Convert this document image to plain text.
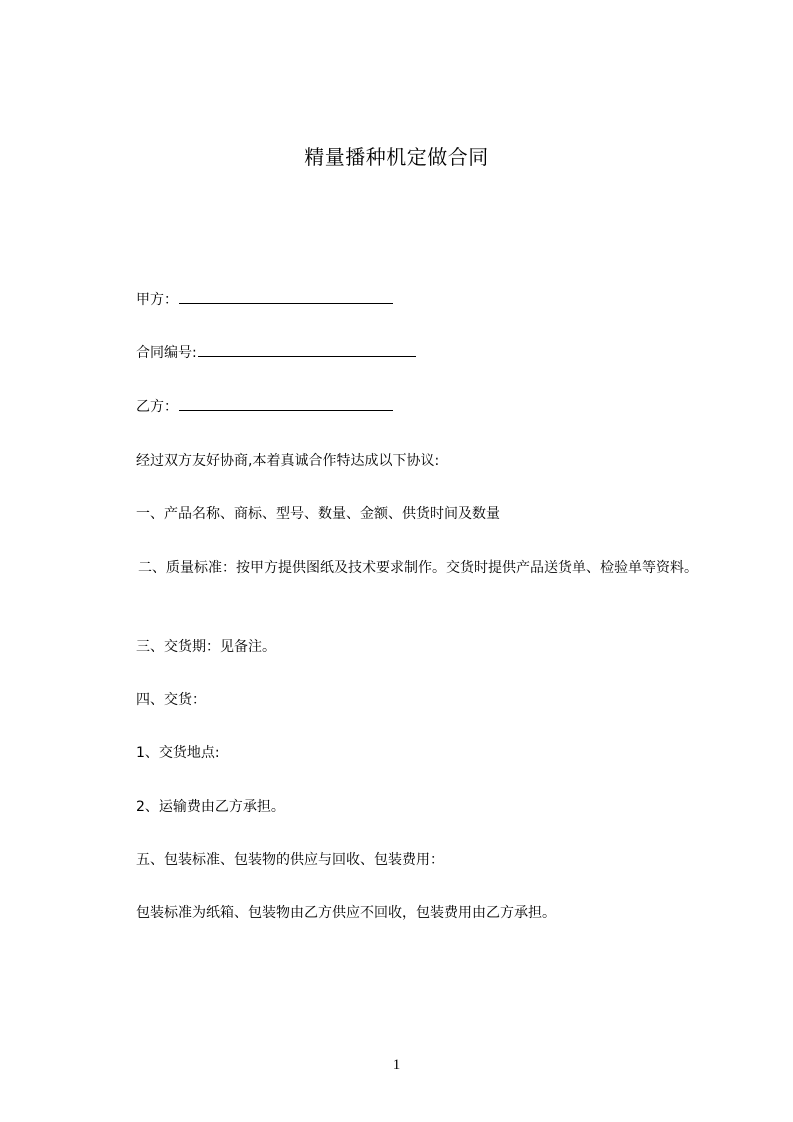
精量播种机定做合同
甲方：
合同编号:
乙方：
经过双方友好协商,本着真诚合作特达成以下协议:
一、产品名称、商标、型号、数量、金额、供货时间及数量
二、质量标准：按甲方提供图纸及技术要求制作。交货时提供产品送货单、检验单等资料。
三、交货期：见备注。
四、交货：
1、交货地点:
2、运输费由乙方承担。
五、包装标准、包装物的供应与回收、包装费用：
包装标准为纸箱、包装物由乙方供应不回收，包装费用由乙方承担。
1
